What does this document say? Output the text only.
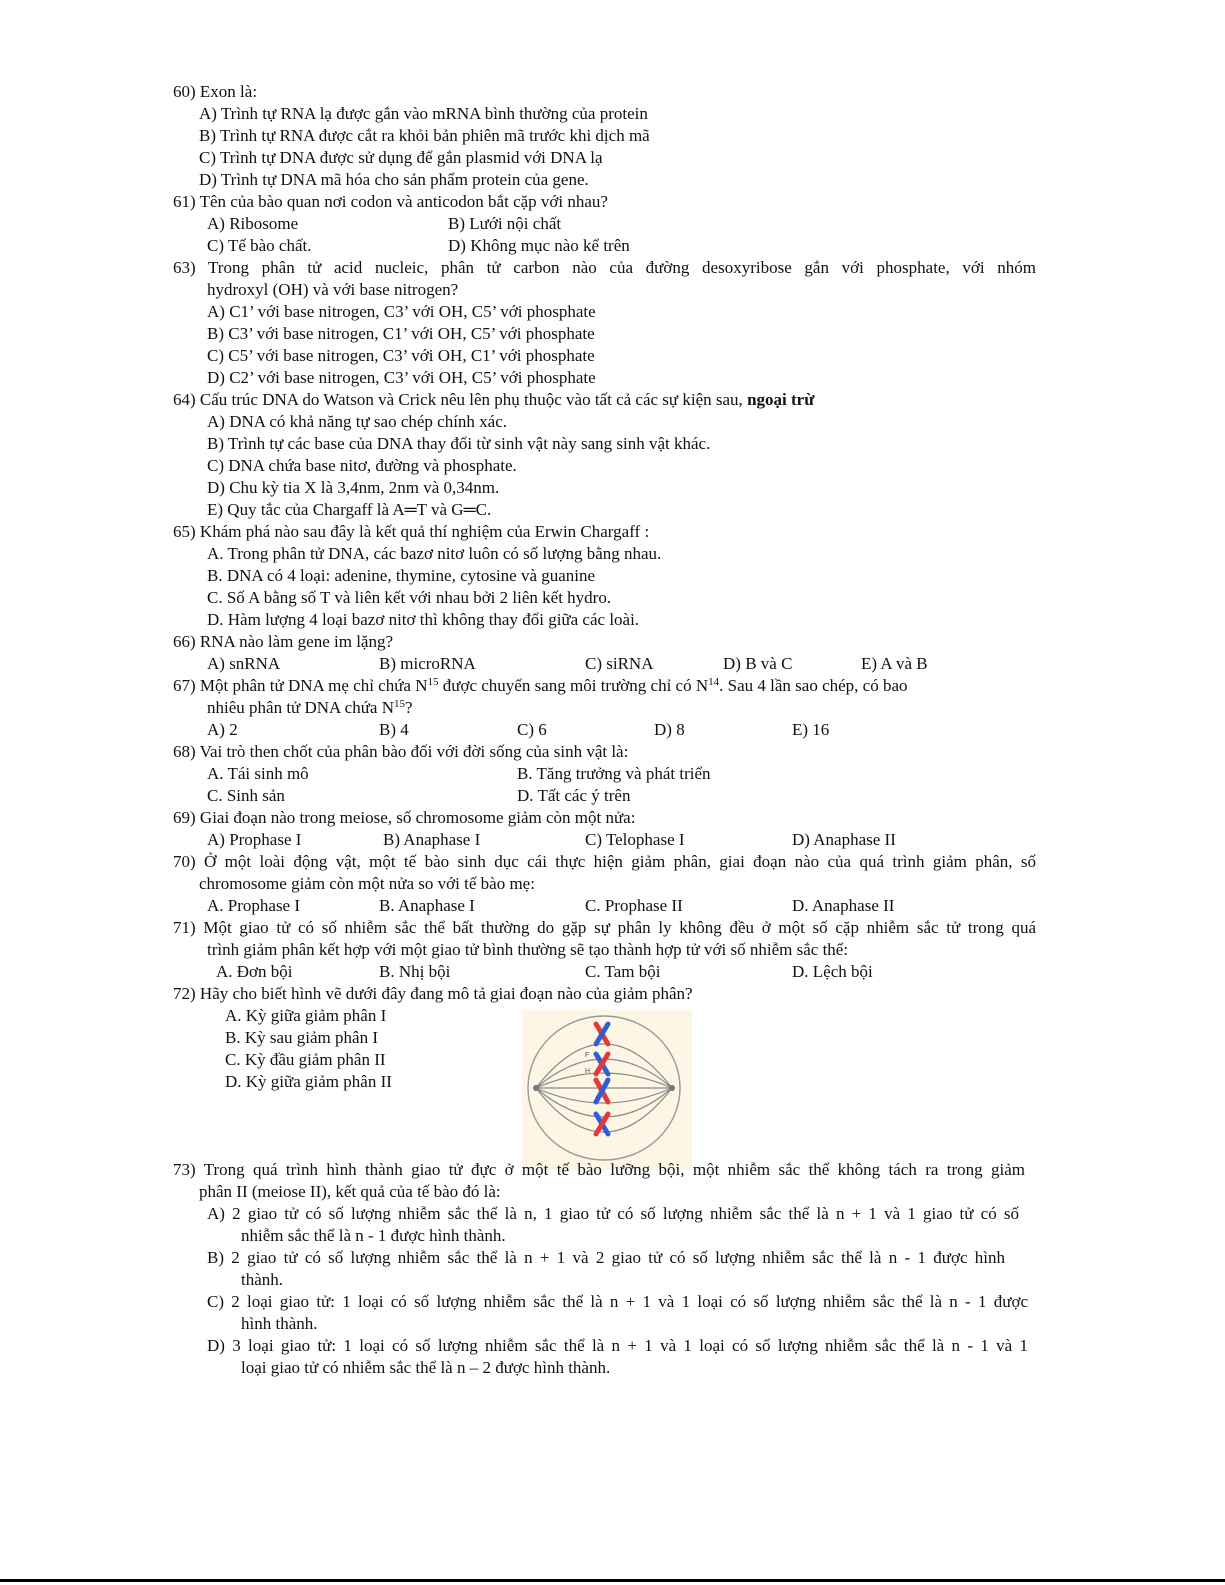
60) Exon là:
A) Trình tự RNA lạ được gắn vào mRNA bình thường của protein
B) Trình tự RNA được cắt ra khỏi bản phiên mã trước khi dịch mã
C) Trình tự DNA được sử dụng để gắn plasmid với DNA lạ
D) Trình tự DNA mã hóa cho sản phẩm protein của gene.
61) Tên của bào quan nơi codon và anticodon bắt cặp với nhau?
A) Ribosome	B) Lưới nội chất
C) Tế bào chất.	D) Không mục nào kể trên
63) Trong phân tử acid nucleic, phân tử carbon nào của đường desoxyribose gắn với phosphate, với nhóm
hydroxyl (OH) và với base nitrogen?
A) C1’ với base nitrogen, C3’ với OH, C5’ với phosphate
B) C3’ với base nitrogen, C1’ với OH, C5’ với phosphate
C) C5’ với base nitrogen, C3’ với OH, C1’ với phosphate
D) C2’ với base nitrogen, C3’ với OH, C5’ với phosphate
64) Cấu trúc DNA do Watson và Crick nêu lên phụ thuộc vào tất cả các sự kiện sau, ngoại trừ
A) DNA có khả năng tự sao chép chính xác.
B) Trình tự các base của DNA thay đổi từ sinh vật này sang sinh vật khác.
C) DNA chứa base nitơ, đường và phosphate.
D) Chu kỳ tia X là 3,4nm, 2nm và 0,34nm.
E) Quy tắc của Chargaff là A═T và G═C.
65) Khám phá nào sau đây là kết quả thí nghiệm của Erwin Chargaff :
A. Trong phân tử DNA, các bazơ nitơ luôn có số lượng bằng nhau.
B. DNA có 4 loại: adenine, thymine, cytosine và guanine
C. Số A bằng số T và liên kết với nhau bởi 2 liên kết hydro.
D. Hàm lượng 4 loại bazơ nitơ thì không thay đổi giữa các loài.
66) RNA nào làm gene im lặng?
A) snRNA	B) microRNA	C) siRNA	D) B và C	E) A và B
67) Một phân tử DNA mẹ chỉ chứa $N^{15}$ được chuyển sang môi trường chỉ có $N^{14}$. Sau 4 lần sao chép, có bao
nhiêu phân tử DNA chứa $N^{15}$?
A) 2	B) 4	C) 6	D) 8	E) 16
68) Vai trò then chốt của phân bào đối với đời sống của sinh vật là:
A. Tái sinh mô	B. Tăng trưởng và phát triển
C. Sinh sản	D. Tất các ý trên
69) Giai đoạn nào trong meiose, số chromosome giảm còn một nửa:
A) Prophase I	B) Anaphase I	C) Telophase I	D) Anaphase II
70) Ở một loài động vật, một tế bào sinh dục cái thực hiện giảm phân, giai đoạn nào của quá trình giảm phân, số
chromosome giảm còn một nửa so với tế bào mẹ:
A. Prophase I	B. Anaphase I	C. Prophase II	D. Anaphase II
71) Một giao tử có số nhiễm sắc thể bất thường do gặp sự phân ly không đều ở một số cặp nhiễm sắc tử trong quá
trình giảm phân kết hợp với một giao tử bình thường sẽ tạo thành hợp tử với số nhiễm sắc thể:
A. Đơn bội	B. Nhị bội	C. Tam bội	D. Lệch bội
72) Hãy cho biết hình vẽ dưới đây đang mô tả giai đoạn nào của giảm phân?
A. Kỳ giữa giảm phân I
B. Kỳ sau giảm phân I
C. Kỳ đầu giảm phân II
D. Kỳ giữa giảm phân II
F
H
73) Trong quá trình hình thành giao tử đực ở một tế bào lưỡng bội, một nhiễm sắc thể không tách ra trong giảm
phân II (meiose II), kết quả của tế bào đó là:
A) 2 giao tử có số lượng nhiễm sắc thể là n, 1 giao tử có số lượng nhiễm sắc thể là n + 1 và 1 giao tử có số
nhiễm sắc thể là n - 1 được hình thành.
B) 2 giao tử có số lượng nhiễm sắc thể là n + 1 và 2 giao tử có số lượng nhiễm sắc thể là n - 1 được hình
thành.
C) 2 loại giao tử: 1 loại có số lượng nhiễm sắc thể là n + 1 và 1 loại có số lượng nhiễm sắc thể là n - 1 được
hình thành.
D) 3 loại giao tử: 1 loại có số lượng nhiễm sắc thể là n + 1 và 1 loại có số lượng nhiễm sắc thể là n - 1 và 1
loại giao tử có nhiễm sắc thể là n – 2 được hình thành.
